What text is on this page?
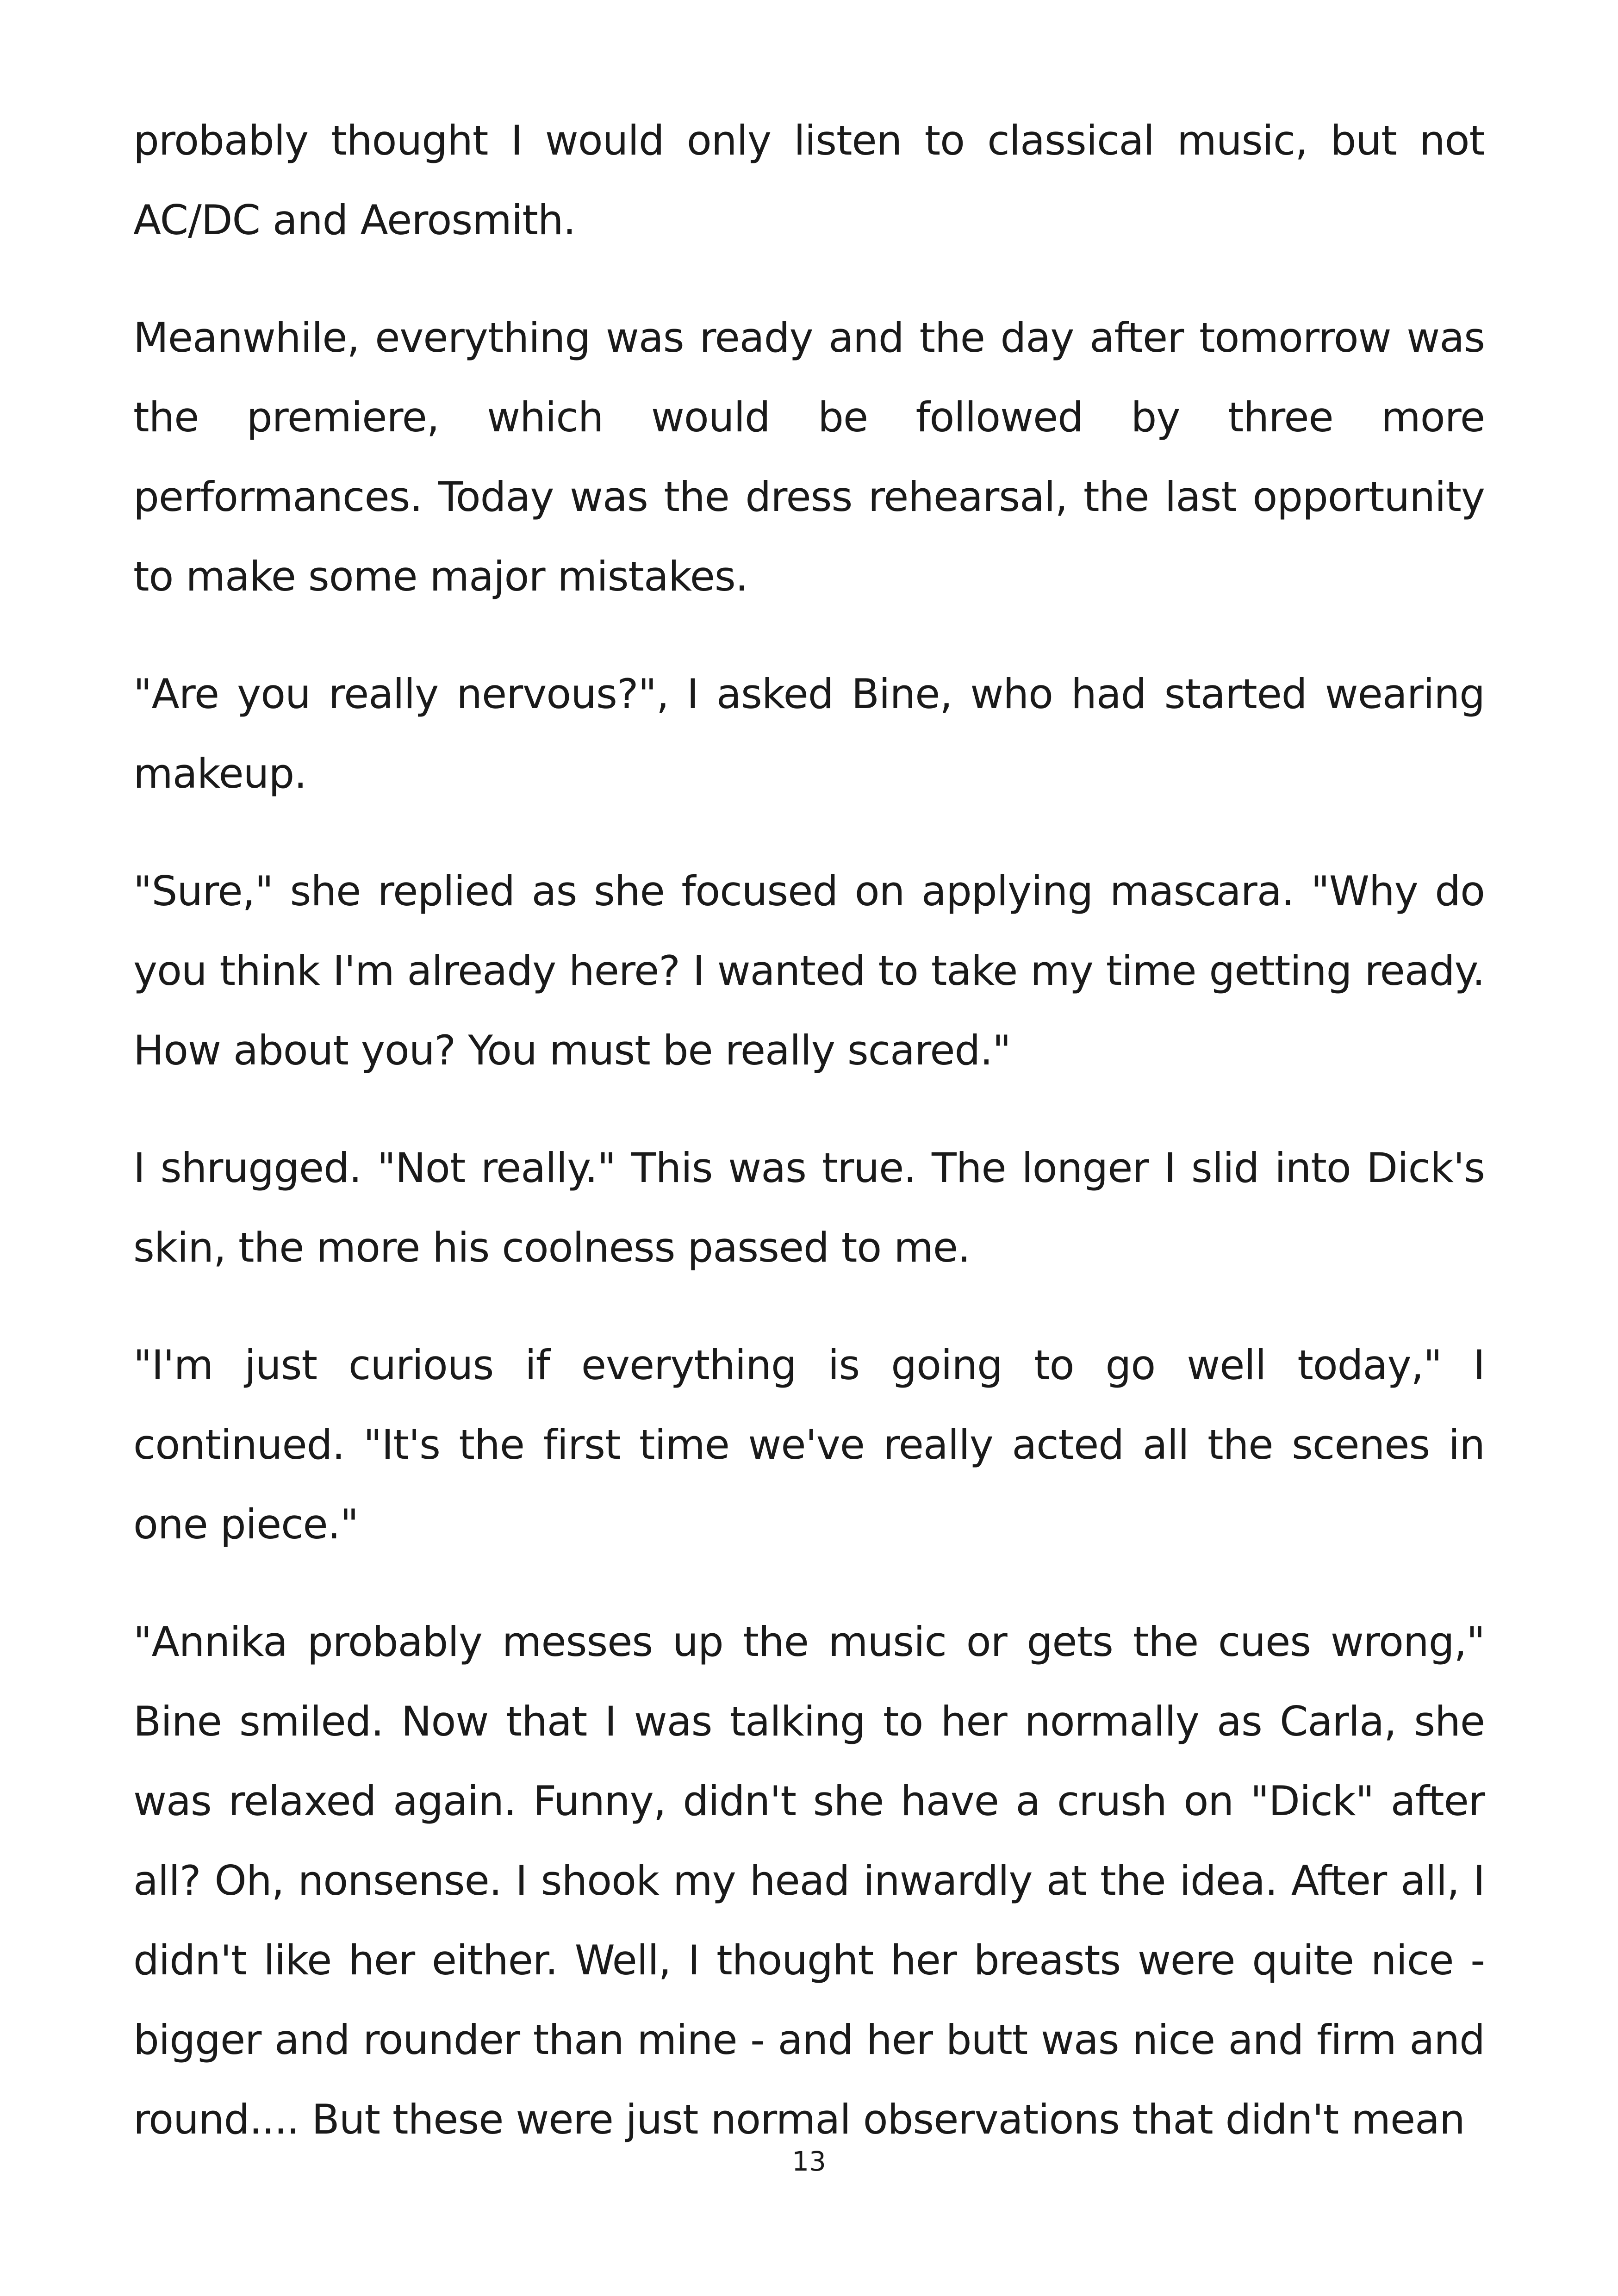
probably thought I would only listen to classical music, but not AC/DC and Aerosmith.

Meanwhile, everything was ready and the day after tomorrow was the premiere, which would be followed by three more performances. Today was the dress rehearsal, the last opportunity to make some major mistakes.

"Are you really nervous?", I asked Bine, who had started wearing makeup.

"Sure," she replied as she focused on applying mascara. "Why do you think I'm already here? I wanted to take my time getting ready. How about you? You must be really scared."

I shrugged. "Not really." This was true. The longer I slid into Dick's skin, the more his coolness passed to me.

"I'm just curious if everything is going to go well today," I continued. "It's the first time we've really acted all the scenes in one piece."

"Annika probably messes up the music or gets the cues wrong," Bine smiled. Now that I was talking to her normally as Carla, she was relaxed again. Funny, didn't she have a crush on "Dick" after all? Oh, nonsense. I shook my head inwardly at the idea. After all, I didn't like her either. Well, I thought her breasts were quite nice - bigger and rounder than mine - and her butt was nice and firm and round.... But these were just normal observations that didn't mean

13
